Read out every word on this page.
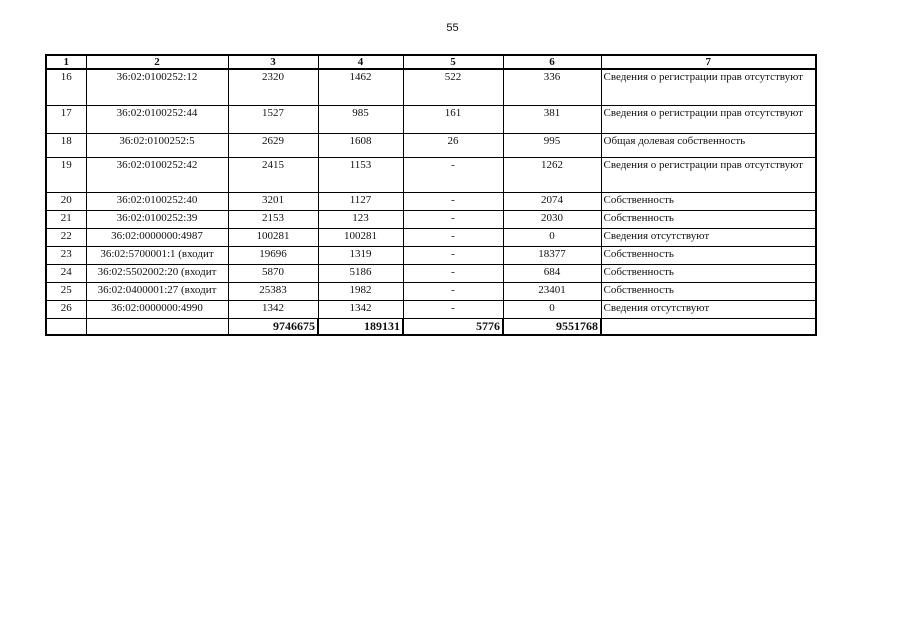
55
1	2	3	4	5	6	7
16	36:02:0100252:12	2320	1462	522	336	Сведения о регистрации прав отсутствуют
17	36:02:0100252:44	1527	985	161	381	Сведения о регистрации прав отсутствуют
18	36:02:0100252:5	2629	1608	26	995	Общая долевая собственность
19	36:02:0100252:42	2415	1153	-	1262	Сведения о регистрации прав отсутствуют
20	36:02:0100252:40	3201	1127	-	2074	Собственность
21	36:02:0100252:39	2153	123	-	2030	Собственность
22	36:02:0000000:4987	100281	100281	-	0	Сведения отсутствуют
23	36:02:5700001:1 (входит	19696	1319	-	18377	Собственность
24	36:02:5502002:20 (входит	5870	5186	-	684	Собственность
25	36:02:0400001:27 (входит	25383	1982	-	23401	Собственность
26	36:02:0000000:4990	1342	1342	-	0	Сведения отсутствуют
		9746675	189131	5776	9551768	
